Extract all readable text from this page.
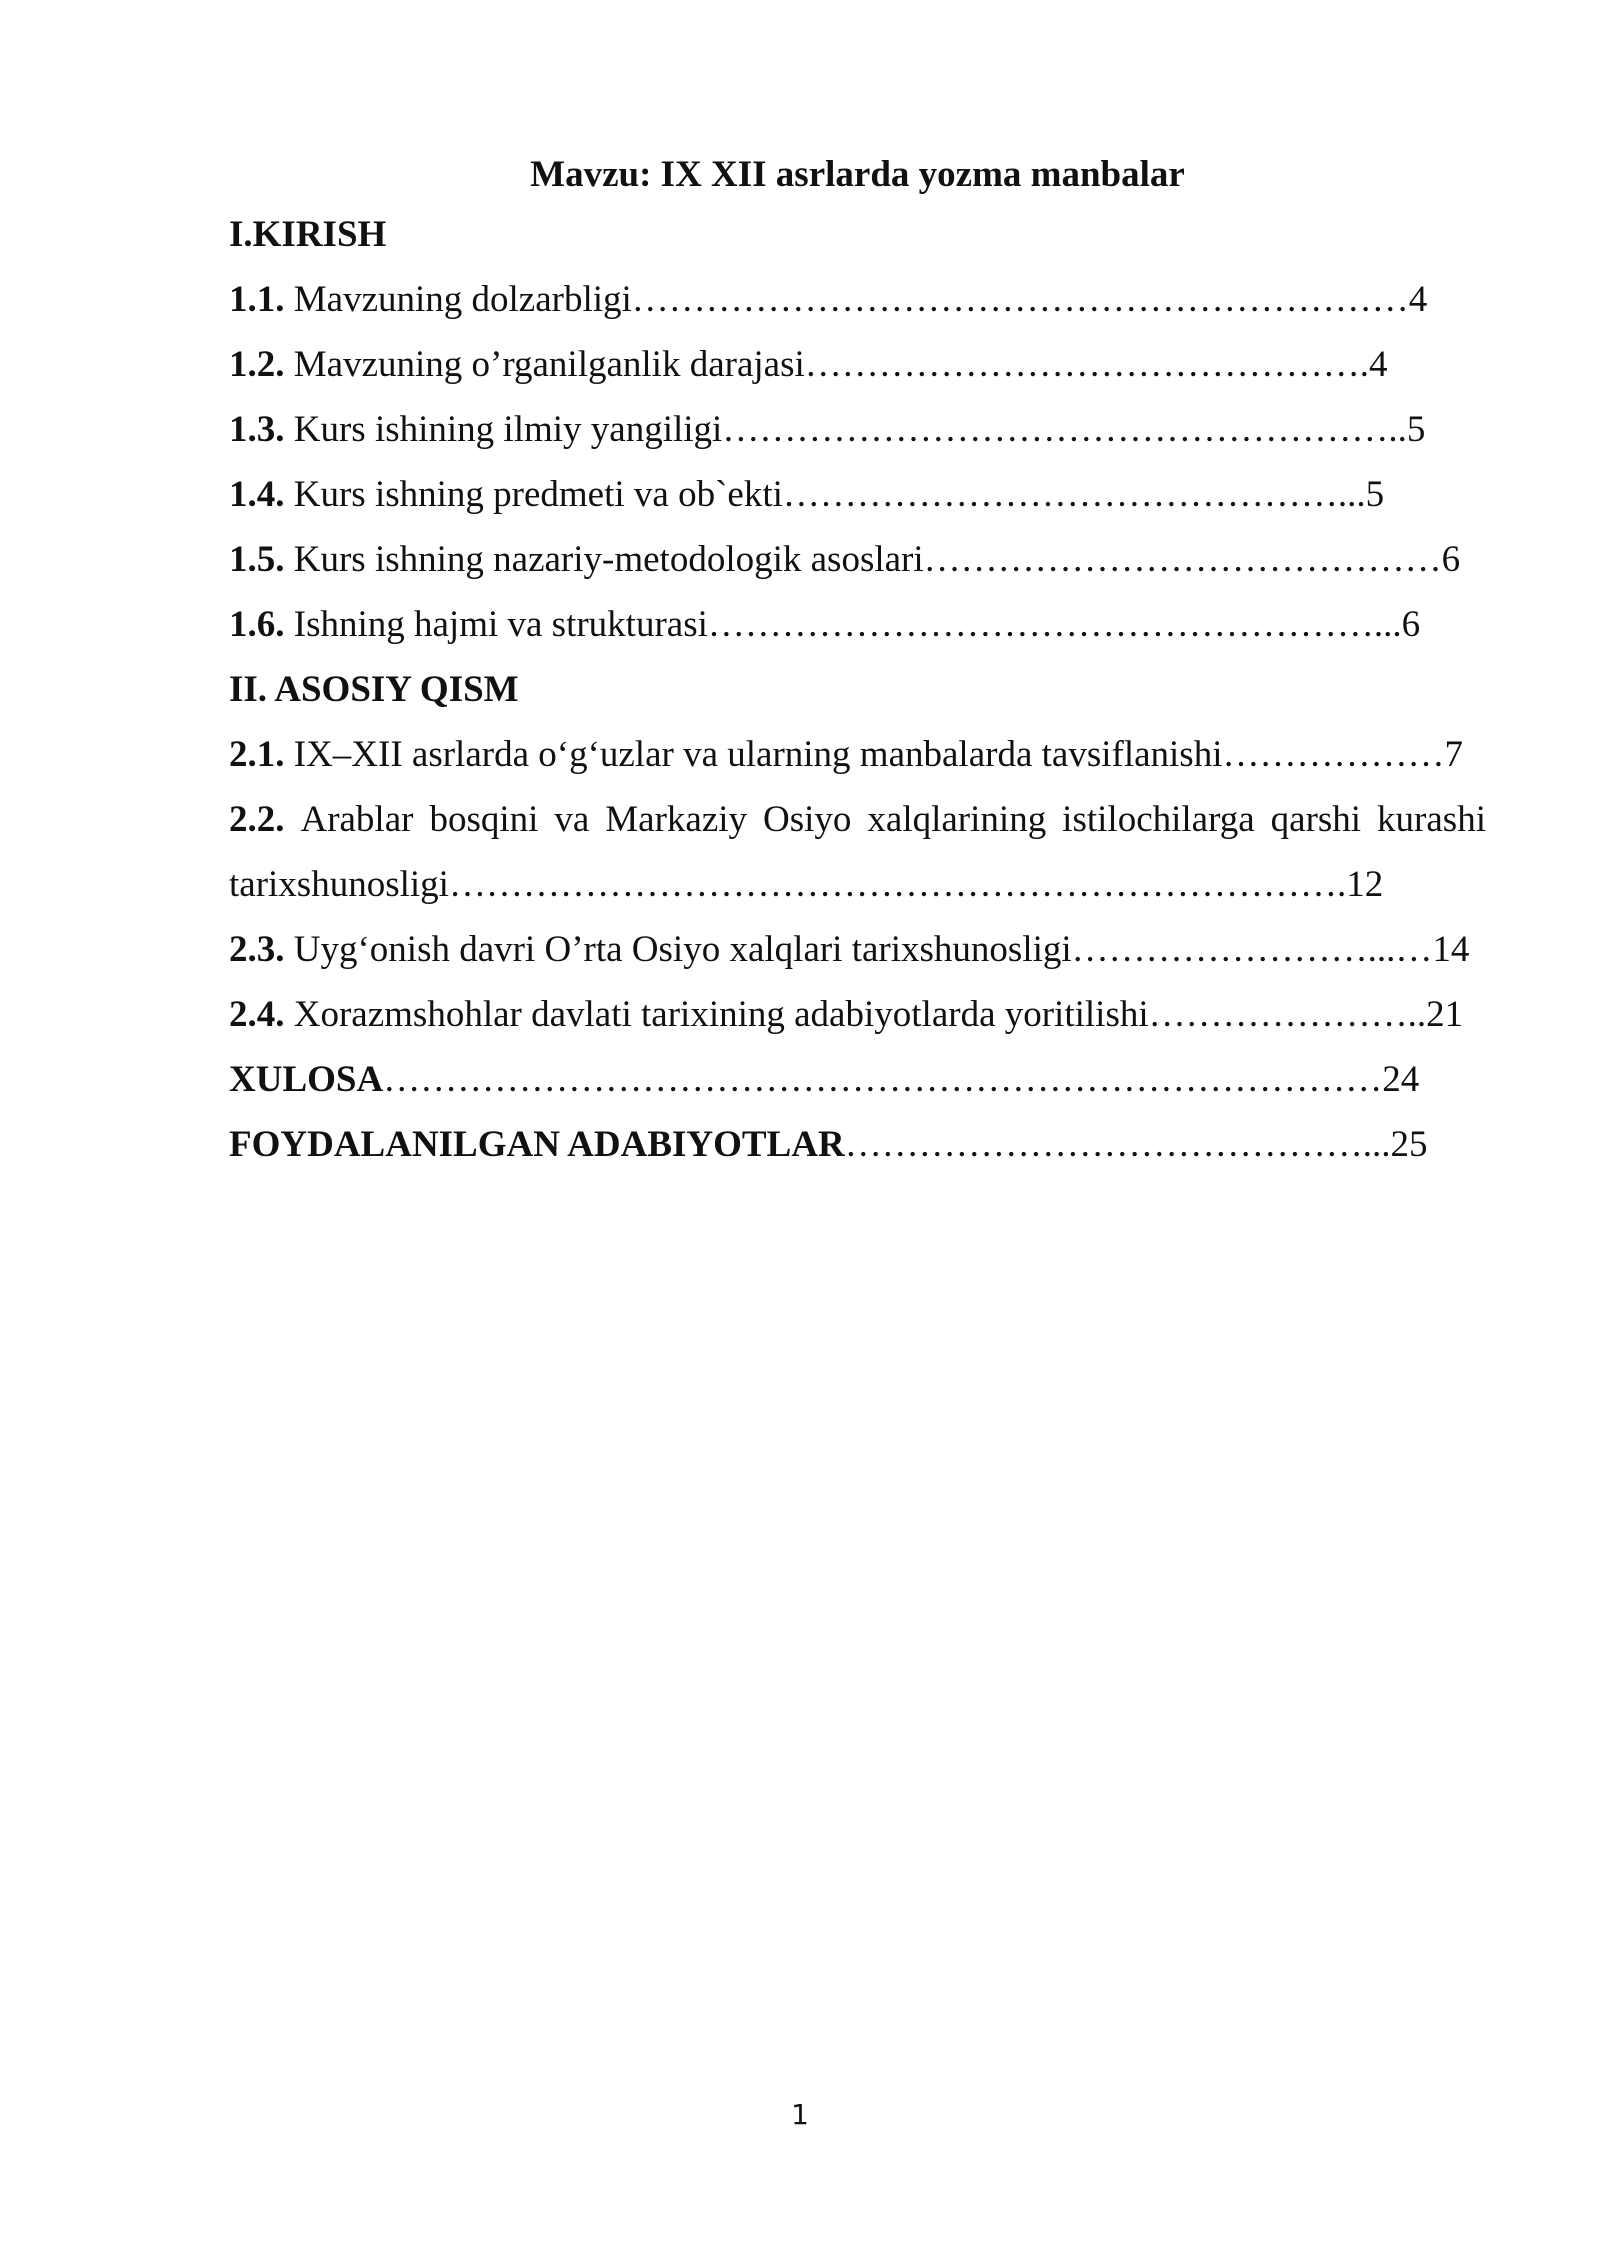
Mavzu: IX XII asrlarda yozma manbalar
I.KIRISH
1.1. Mavzuning dolzarbligi………………………………………………………4
1.2. Mavzuning o’rganilganlik darajasi……………………………………….4
1.3. Kurs ishining ilmiy yangiligi………………………………………………..5
1.4. Kurs ishning predmeti va ob`ekti………………………………………...5
1.5. Kurs ishning nazariy-metodologik asoslari……………………………………6
1.6. Ishning hajmi va strukturasi………………………………………………...6
II. ASOSIY QISM
2.1. IX–XII asrlarda o‘g‘uzlar va ularning manbalarda tavsiflanishi………………7
2.2. Arablar bosqini va Markaziy Osiyo xalqlarining istilochilarga qarshi kurashi
tarixshunosligi……………………………………………………………….12
2.3. Uyg‘onish davri O’rta Osiyo xalqlari tarixshunosligi……………………...…14
2.4. Xorazmshohlar davlati tarixining adabiyotlarda yoritilishi…………………..21
XULOSA………………………………………………………………………24
FOYDALANILGAN ADABIYOTLAR……………………………………...25
1
